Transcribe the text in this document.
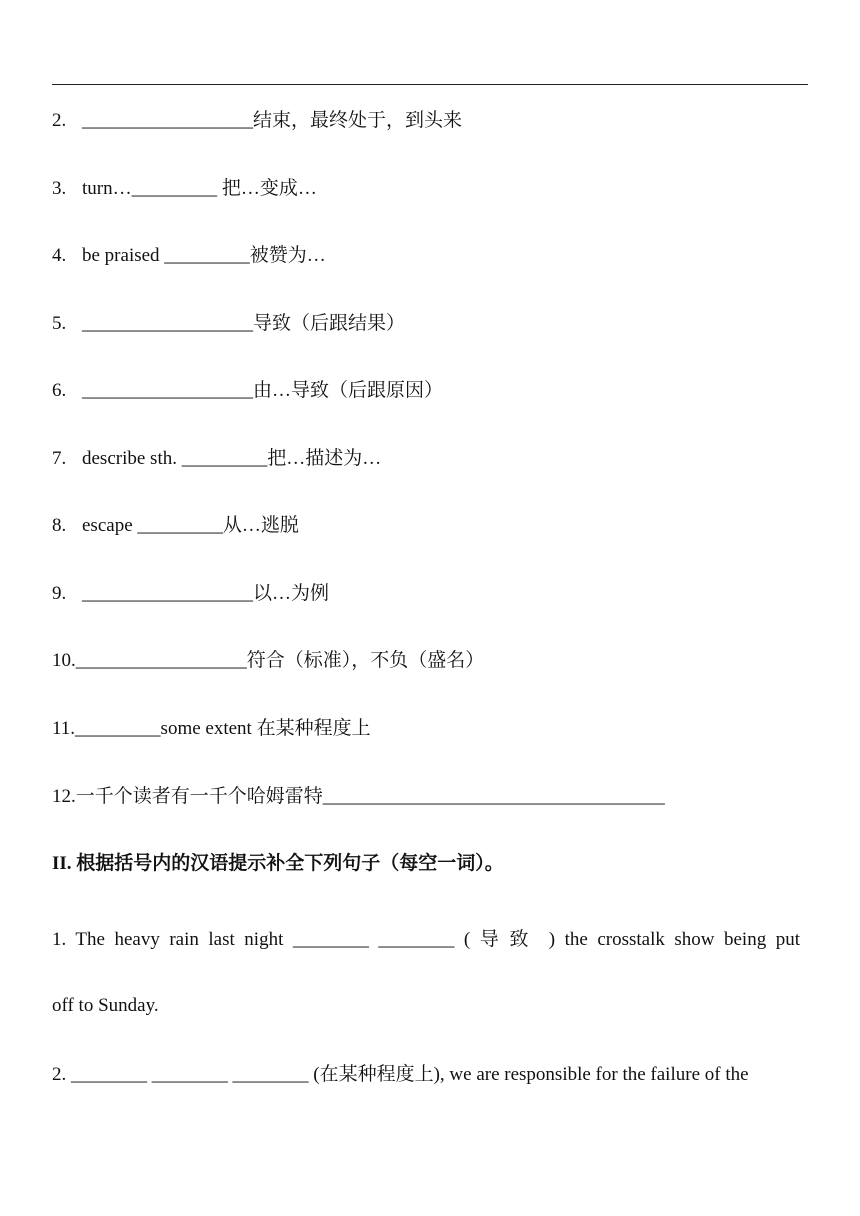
2. __________________结束，最终处于，到头来
3. turn…_________ 把…变成…
4. be praised _________被赞为…
5. __________________导致（后跟结果）
6. __________________由…导致（后跟原因）
7. describe sth. _________把…描述为…
8. escape _________从…逃脱
9. __________________以…为例
10.__________________符合（标准），不负（盛名）
11._________some extent 在某种程度上
12.一千个读者有一千个哈姆雷特____________________________________
II. 根据括号内的汉语提示补全下列句子（每空一词）。
1. The heavy rain last night ________ ________ ( 导致 ) the crosstalk show being put
off to Sunday.
2. ________ ________ ________ (在某种程度上), we are responsible for the failure of the
